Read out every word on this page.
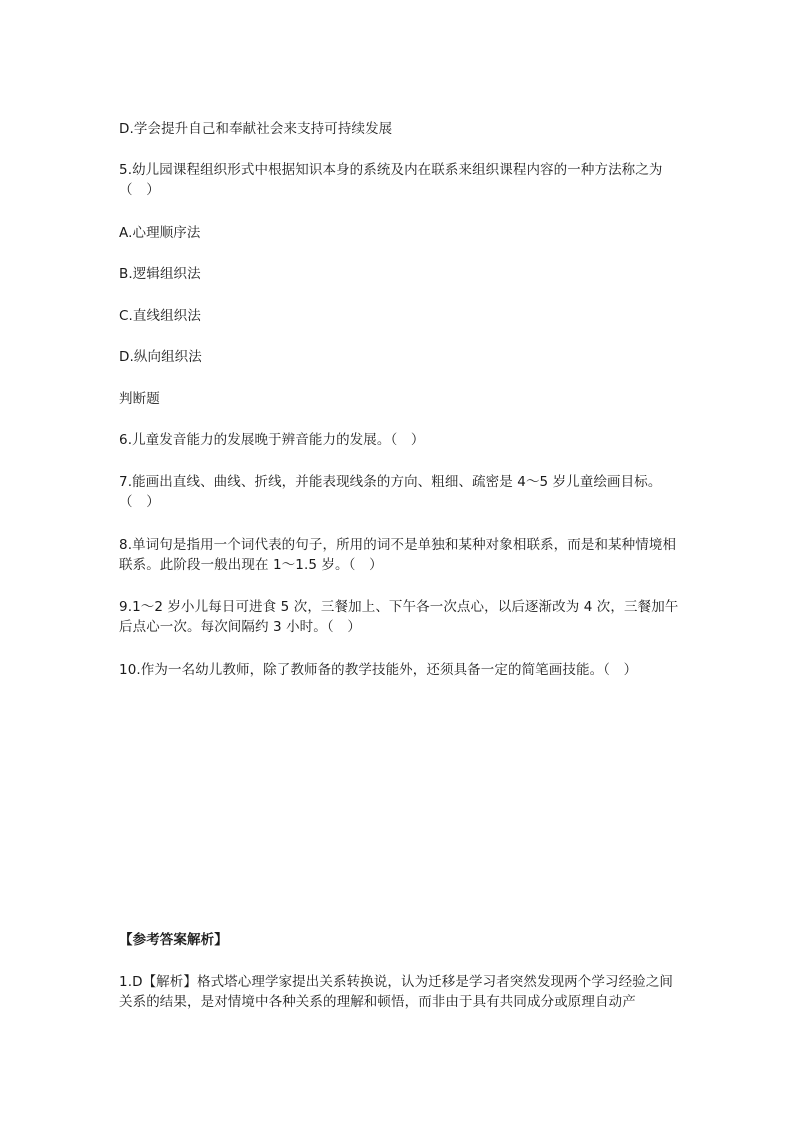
D.学会提升自己和奉献社会来支持可持续发展
5.幼儿园课程组织形式中根据知识本身的系统及内在联系来组织课程内容的一种方法称之为（　）
A.心理顺序法
B.逻辑组织法
C.直线组织法
D.纵向组织法
判断题
6.儿童发音能力的发展晚于辨音能力的发展。（　）
7.能画出直线、曲线、折线，并能表现线条的方向、粗细、疏密是 4～5 岁儿童绘画目标。（　）
8.单词句是指用一个词代表的句子，所用的词不是单独和某种对象相联系，而是和某种情境相联系。此阶段一般出现在 1～1.5 岁。（　）
9.1～2 岁小儿每日可进食 5 次，三餐加上、下午各一次点心，以后逐渐改为 4 次，三餐加午后点心一次。每次间隔约 3 小时。（　）
10.作为一名幼儿教师，除了教师备的教学技能外，还须具备一定的简笔画技能。（　）
【参考答案解析】
1.D【解析】格式塔心理学家提出关系转换说，认为迁移是学习者突然发现两个学习经验之间关系的结果，是对情境中各种关系的理解和顿悟，而非由于具有共同成分或原理自动产
